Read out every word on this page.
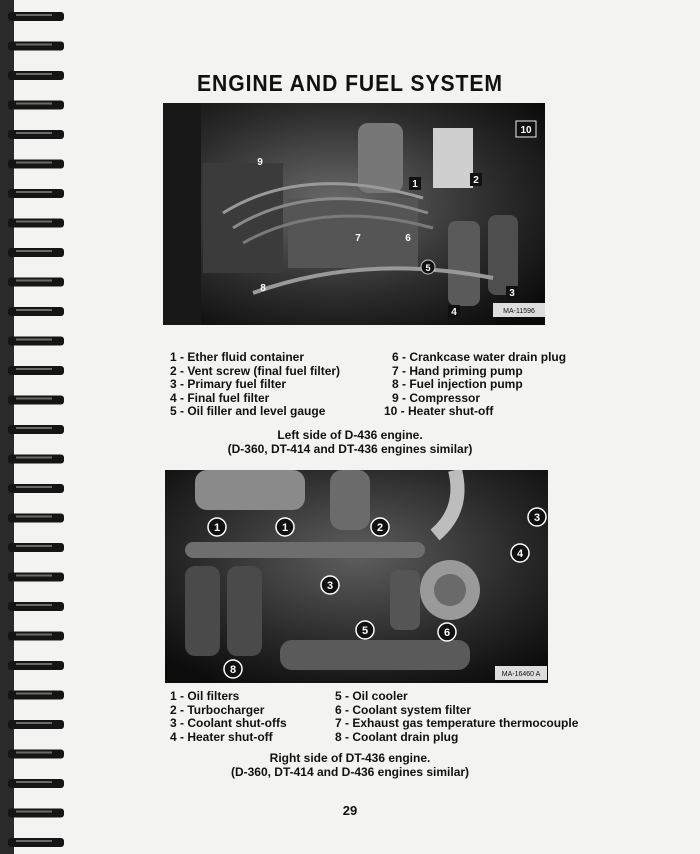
ENGINE AND FUEL SYSTEM
MA-11596
10
1	2
3
4
5
6
7
8
9
1 - Ether fluid container
2 - Vent screw (final fuel filter)
3 - Primary fuel filter
4 - Final fuel filter
5 - Oil filler and level gauge
6 - Crankcase water drain plug
7 - Hand priming pump
8 - Fuel injection pump
9 - Compressor
10 - Heater shut-off
Left side of D-436 engine.
(D-360, DT-414 and DT-436 engines similar)
MA-16460 A
1	1	2
3
3
4
5	6
8
1 - Oil filters
2 - Turbocharger
3 - Coolant shut-offs
4 - Heater shut-off
5 - Oil cooler
6 - Coolant system filter
7 - Exhaust gas temperature thermocouple
8 - Coolant drain plug
Right side of DT-436 engine.
(D-360, DT-414 and D-436 engines similar)
29
